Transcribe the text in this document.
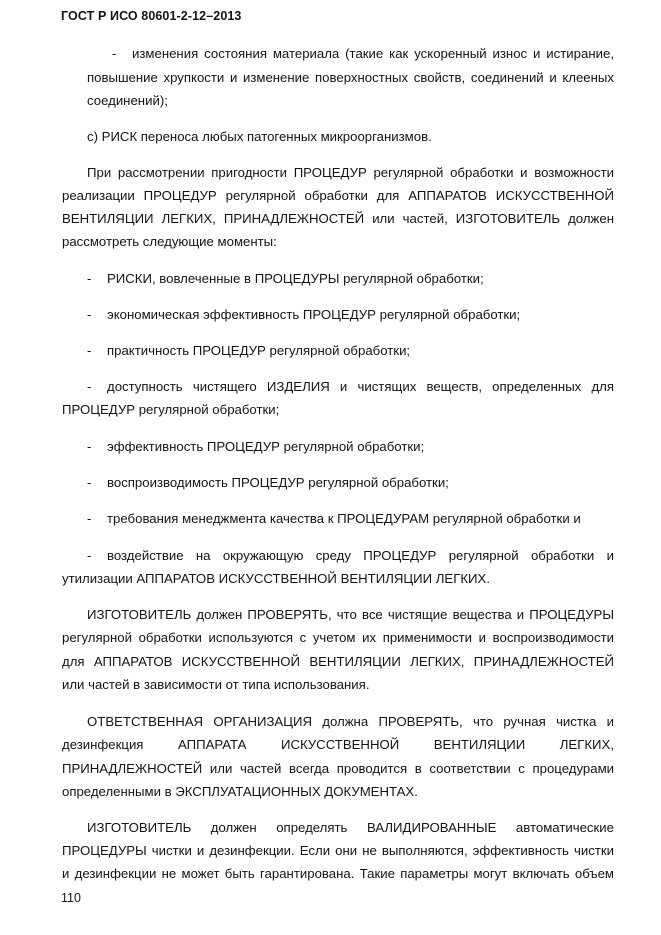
ГОСТ Р ИСО 80601-2-12–2013
- изменения состояния материала (такие как ускоренный износ и истирание,
повышение хрупкости и изменение поверхностных свойств, соединений и клееных
соединений);
c) РИСК переноса любых патогенных микроорганизмов.
При рассмотрении пригодности ПРОЦЕДУР регулярной обработки и возможности
реализации ПРОЦЕДУР регулярной обработки для АППАРАТОВ ИСКУССТВЕННОЙ
ВЕНТИЛЯЦИИ ЛЕГКИХ, ПРИНАДЛЕЖНОСТЕЙ или частей, ИЗГОТОВИТЕЛЬ должен
рассмотреть следующие моменты:
- РИСКИ, вовлеченные в ПРОЦЕДУРЫ регулярной обработки;
- экономическая эффективность ПРОЦЕДУР регулярной обработки;
- практичность ПРОЦЕДУР регулярной обработки;
- доступность чистящего ИЗДЕЛИЯ и чистящих веществ, определенных для
ПРОЦЕДУР регулярной обработки;
- эффективность ПРОЦЕДУР регулярной обработки;
- воспроизводимость ПРОЦЕДУР регулярной обработки;
- требования менеджмента качества к ПРОЦЕДУРАМ регулярной обработки и
- воздействие на окружающую среду ПРОЦЕДУР регулярной обработки и
утилизации АППАРАТОВ ИСКУССТВЕННОЙ ВЕНТИЛЯЦИИ ЛЕГКИХ.
ИЗГОТОВИТЕЛЬ должен ПРОВЕРЯТЬ, что все чистящие вещества и ПРОЦЕДУРЫ
регулярной обработки используются с учетом их применимости и воспроизводимости
для АППАРАТОВ ИСКУССТВЕННОЙ ВЕНТИЛЯЦИИ ЛЕГКИХ, ПРИНАДЛЕЖНОСТЕЙ
или частей в зависимости от типа использования.
ОТВЕТСТВЕННАЯ ОРГАНИЗАЦИЯ должна ПРОВЕРЯТЬ, что ручная чистка и
дезинфекция АППАРАТА ИСКУССТВЕННОЙ ВЕНТИЛЯЦИИ ЛЕГКИХ,
ПРИНАДЛЕЖНОСТЕЙ или частей всегда проводится в соответствии с процедурами
определенными в ЭКСПЛУАТАЦИОННЫХ ДОКУМЕНТАХ.
ИЗГОТОВИТЕЛЬ должен определять ВАЛИДИРОВАННЫЕ автоматические
ПРОЦЕДУРЫ чистки и дезинфекции. Если они не выполняются, эффективность чистки
и дезинфекции не может быть гарантирована. Такие параметры могут включать объем
110
